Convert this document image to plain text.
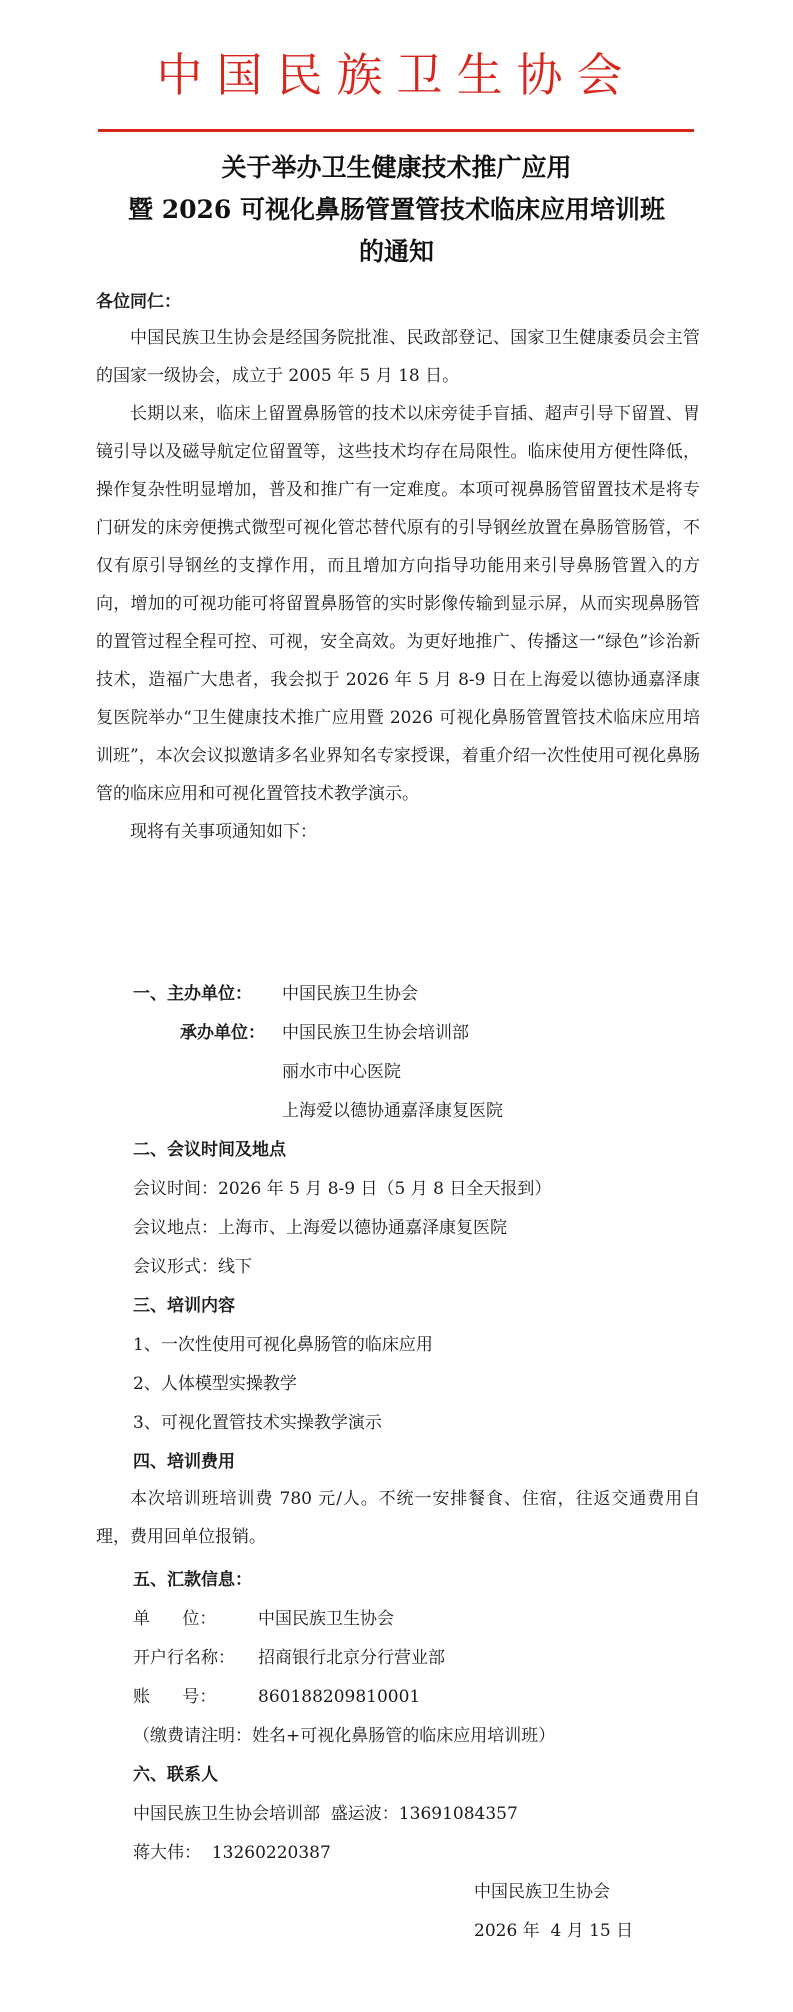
中国民族卫生协会
关于举办卫生健康技术推广应用
暨 2026 可视化鼻肠管置管技术临床应用培训班
的通知
各位同仁：

中国民族卫生协会是经国务院批准、民政部登记、国家卫生健康委员会主管的国家一级协会，成立于 2005 年 5 月 18 日。

长期以来，临床上留置鼻肠管的技术以床旁徒手盲插、超声引导下留置、胃镜引导以及磁导航定位留置等，这些技术均存在局限性。临床使用方便性降低，操作复杂性明显增加，普及和推广有一定难度。本项可视鼻肠管留置技术是将专门研发的床旁便携式微型可视化管芯替代原有的引导钢丝放置在鼻肠管肠管，不仅有原引导钢丝的支撑作用，而且增加方向指导功能用来引导鼻肠管置入的方向，增加的可视功能可将留置鼻肠管的实时影像传输到显示屏，从而实现鼻肠管的置管过程全程可控、可视，安全高效。为更好地推广、传播这一“绿色”诊治新技术，造福广大患者，我会拟于 2026 年 5 月 8-9 日在上海爱以德协通嘉泽康复医院举办“卫生健康技术推广应用暨 2026 可视化鼻肠管置管技术临床应用培训班”，本次会议拟邀请多名业界知名专家授课，着重介绍一次性使用可视化鼻肠管的临床应用和可视化置管技术教学演示。

现将有关事项通知如下：

一、主办单位： 中国民族卫生协会
承办单位： 中国民族卫生协会培训部
丽水市中心医院
上海爱以德协通嘉泽康复医院
二、会议时间及地点
会议时间：2026 年 5 月 8-9 日（5 月 8 日全天报到）
会议地点：上海市、上海爱以德协通嘉泽康复医院
会议形式：线下
三、培训内容
1、一次性使用可视化鼻肠管的临床应用
2、人体模型实操教学
3、可视化置管技术实操教学演示
四、培训费用

本次培训班培训费 780 元/人。不统一安排餐食、住宿，往返交通费用自理，费用回单位报销。

五、汇款信息：
单      位： 中国民族卫生协会
开户行名称： 招商银行北京分行营业部
账      号： 860188209810001
（缴费请注明：姓名+可视化鼻肠管的临床应用培训班）
六、联系人
中国民族卫生协会培训部  盛运波：13691084357
蒋大伟：  13260220387
中国民族卫生协会
2026 年  4 月 15 日
